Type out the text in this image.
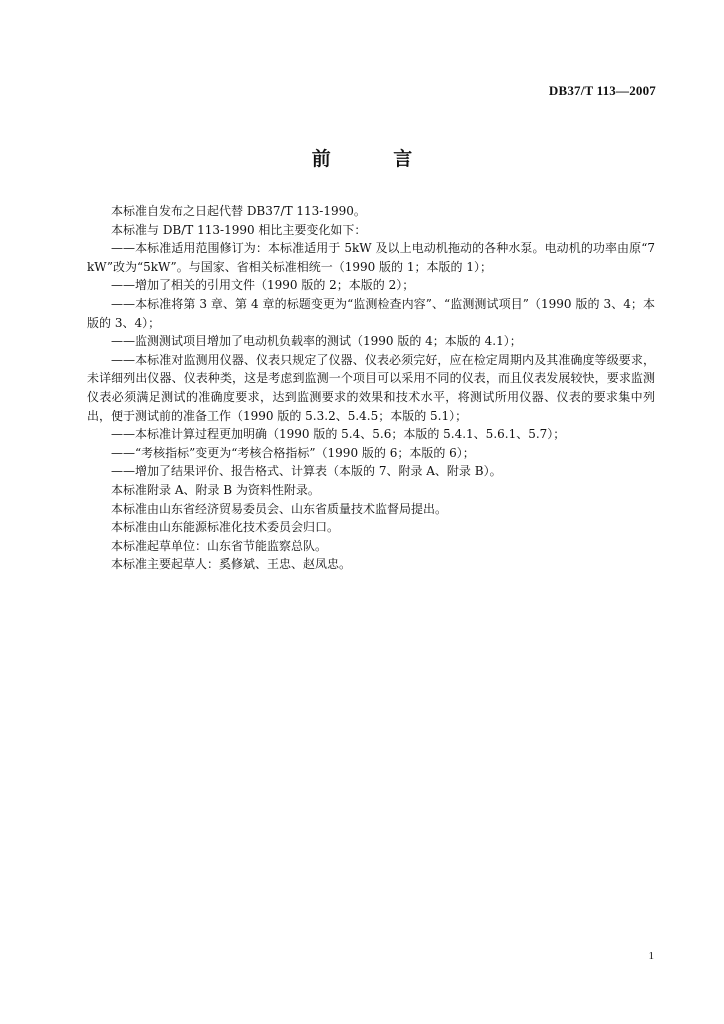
DB37/T 113—2007
前 言

本标准自发布之日起代替 DB37/T 113-1990。

本标准与 DB/T 113-1990 相比主要变化如下：

——本标准适用范围修订为：本标准适用于 5kW 及以上电动机拖动的各种水泵。电动机的功率由原“7kW”改为“5kW”。与国家、省相关标准相统一（1990 版的 1；本版的 1）；

——增加了相关的引用文件（1990 版的 2；本版的 2）；

——本标准将第 3 章、第 4 章的标题变更为“监测检查内容”、“监测测试项目”（1990 版的 3、4；本版的 3、4）；

——监测测试项目增加了电动机负载率的测试（1990 版的 4；本版的 4.1）；

——本标准对监测用仪器、仪表只规定了仪器、仪表必须完好，应在检定周期内及其准确度等级要求，未详细列出仪器、仪表种类，这是考虑到监测一个项目可以采用不同的仪表，而且仪表发展较快，要求监测仪表必须满足测试的准确度要求，达到监测要求的效果和技术水平，将测试所用仪器、仪表的要求集中列出，便于测试前的准备工作（1990 版的 5.3.2、5.4.5；本版的 5.1）；

——本标准计算过程更加明确（1990 版的 5.4、5.6；本版的 5.4.1、5.6.1、5.7）；

——“考核指标”变更为“考核合格指标”（1990 版的 6；本版的 6）；

——增加了结果评价、报告格式、计算表（本版的 7、附录 A、附录 B）。

本标准附录 A、附录 B 为资料性附录。

本标准由山东省经济贸易委员会、山东省质量技术监督局提出。

本标准由山东能源标准化技术委员会归口。

本标准起草单位：山东省节能监察总队。

本标准主要起草人：奚修斌、王忠、赵凤忠。

1
